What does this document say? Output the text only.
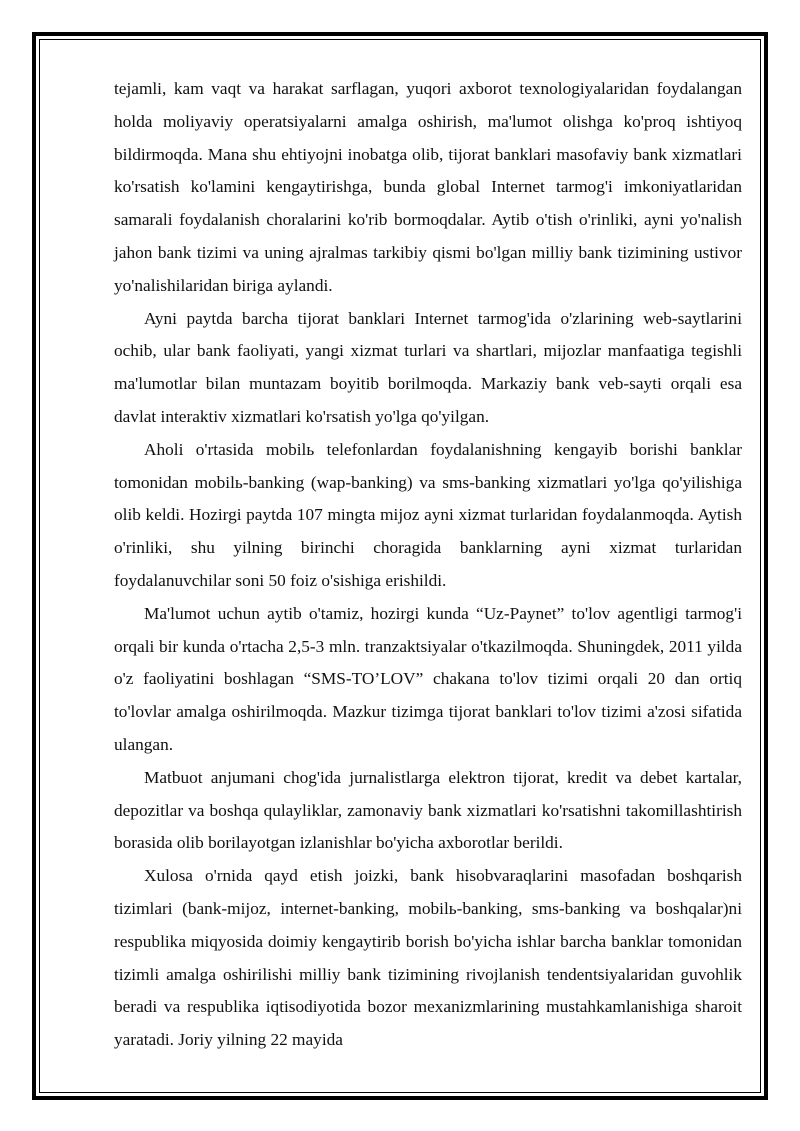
tejamli, kam vaqt va harakat sarflagan, yuqori axborot texnologiyalaridan foydalangan holda moliyaviy operatsiyalarni amalga oshirish, ma'lumot olishga ko'proq ishtiyoq bildirmoqda. Mana shu ehtiyojni inobatga olib, tijorat banklari masofaviy bank xizmatlari ko'rsatish ko'lamini kengaytirishga, bunda global Internet tarmog'i imkoniyatlaridan samarali foydalanish choralarini ko'rib bormoqdalar. Aytib o'tish o'rinliki, ayni yo'nalish jahon bank tizimi va uning ajralmas tarkibiy qismi bo'lgan milliy bank tizimining ustivor yo'nalishilaridan biriga aylandi.

Ayni paytda barcha tijorat banklari Internet tarmog'ida o'zlarining web-saytlarini ochib, ular bank faoliyati, yangi xizmat turlari va shartlari, mijozlar manfaatiga tegishli ma'lumotlar bilan muntazam boyitib borilmoqda. Markaziy bank veb-sayti orqali esa davlat interaktiv xizmatlari ko'rsatish yo'lga qo'yilgan.

Aholi o'rtasida mobilь telefonlardan foydalanishning kengayib borishi banklar tomonidan mobilь-banking (wap-banking) va sms-banking xizmatlari yo'lga qo'yilishiga olib keldi. Hozirgi paytda 107 mingta mijoz ayni xizmat turlaridan foydalanmoqda. Aytish o'rinliki, shu yilning birinchi choragida banklarning ayni xizmat turlaridan foydalanuvchilar soni 50 foiz o'sishiga erishildi.

Ma'lumot uchun aytib o'tamiz, hozirgi kunda “Uz-Paynet” to'lov agentligi tarmog'i orqali bir kunda o'rtacha 2,5-3 mln. tranzaktsiyalar o'tkazilmoqda. Shuningdek, 2011 yilda o'z faoliyatini boshlagan “SMS-TO’LOV” chakana to'lov tizimi orqali 20 dan ortiq to'lovlar amalga oshirilmoqda. Mazkur tizimga tijorat banklari to'lov tizimi a'zosi sifatida ulangan.

Matbuot anjumani chog'ida jurnalistlarga elektron tijorat, kredit va debet kartalar, depozitlar va boshqa qulayliklar, zamonaviy bank xizmatlari ko'rsatishni takomillashtirish borasida olib borilayotgan izlanishlar bo'yicha axborotlar berildi.

Xulosa o'rnida qayd etish joizki, bank hisobvaraqlarini masofadan boshqarish tizimlari (bank-mijoz, internet-banking, mobilь-banking, sms-banking va boshqalar)ni respublika miqyosida doimiy kengaytirib borish bo'yicha ishlar barcha banklar tomonidan tizimli amalga oshirilishi milliy bank tizimining rivojlanish tendentsiyalaridan guvohlik beradi va respublika iqtisodiyotida bozor mexanizmlarining mustahkamlanishiga sharoit yaratadi. Joriy yilning 22 mayida
